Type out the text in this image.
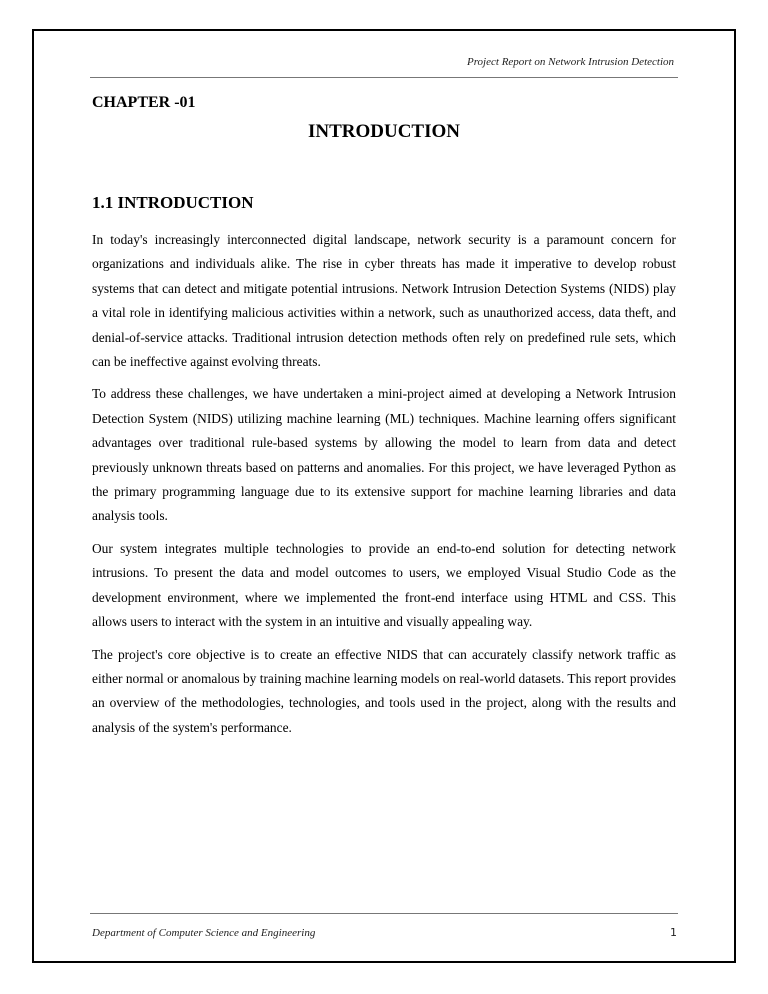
Project Report on Network Intrusion Detection
CHAPTER -01
INTRODUCTION
1.1 INTRODUCTION

In today's increasingly interconnected digital landscape, network security is a paramount concern for organizations and individuals alike. The rise in cyber threats has made it imperative to develop robust systems that can detect and mitigate potential intrusions. Network Intrusion Detection Systems (NIDS) play a vital role in identifying malicious activities within a network, such as unauthorized access, data theft, and denial-of-service attacks. Traditional intrusion detection methods often rely on predefined rule sets, which can be ineffective against evolving threats.

To address these challenges, we have undertaken a mini-project aimed at developing a Network Intrusion Detection System (NIDS) utilizing machine learning (ML) techniques. Machine learning offers significant advantages over traditional rule-based systems by allowing the model to learn from data and detect previously unknown threats based on patterns and anomalies. For this project, we have leveraged Python as the primary programming language due to its extensive support for machine learning libraries and data analysis tools.

Our system integrates multiple technologies to provide an end-to-end solution for detecting network intrusions. To present the data and model outcomes to users, we employed Visual Studio Code as the development environment, where we implemented the front-end interface using HTML and CSS. This allows users to interact with the system in an intuitive and visually appealing way.

The project's core objective is to create an effective NIDS that can accurately classify network traffic as either normal or anomalous by training machine learning models on real-world datasets. This report provides an overview of the methodologies, technologies, and tools used in the project, along with the results and analysis of the system's performance.

Department of Computer Science and Engineering	1
